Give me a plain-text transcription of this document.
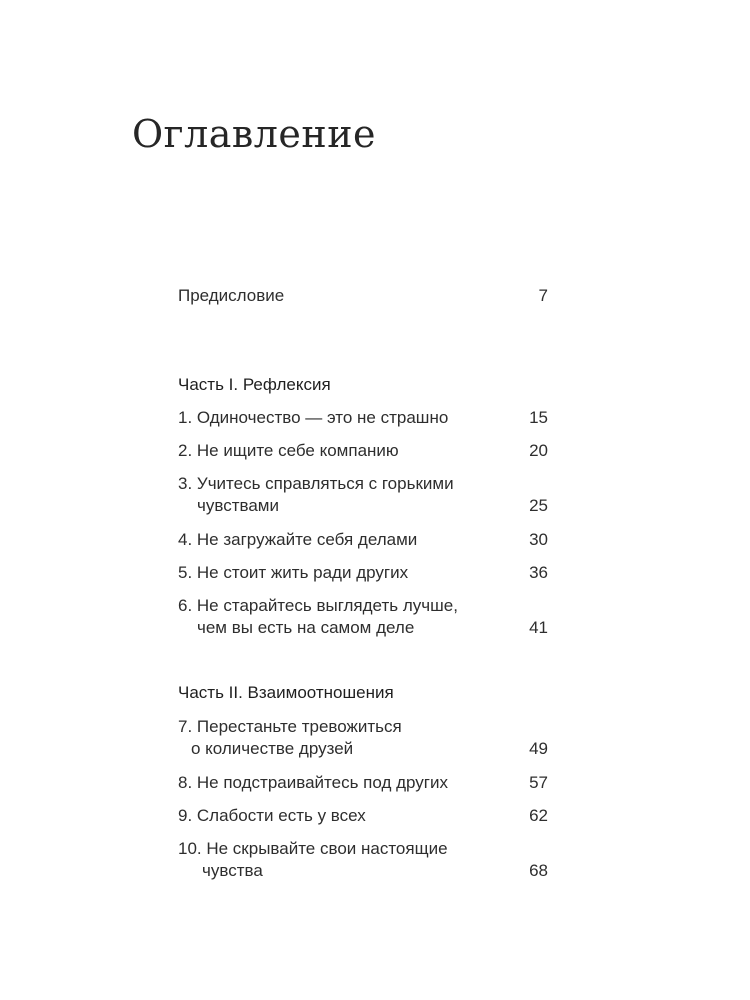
Оглавление
Предисловие	7
Часть I. Рефлексия
1. Одиночество — это не страшно	15
2. Не ищите себе компанию	20
3. Учитесь справляться с горькими
чувствами	25
4. Не загружайте себя делами	30
5. Не стоит жить ради других	36
6. Не старайтесь выглядеть лучше,
чем вы есть на самом деле	41
Часть II. Взаимоотношения
7. Перестаньте тревожиться
о количестве друзей	49
8. Не подстраивайтесь под других	57
9. Слабости есть у всех	62
10. Не скрывайте свои настоящие
чувства	68
